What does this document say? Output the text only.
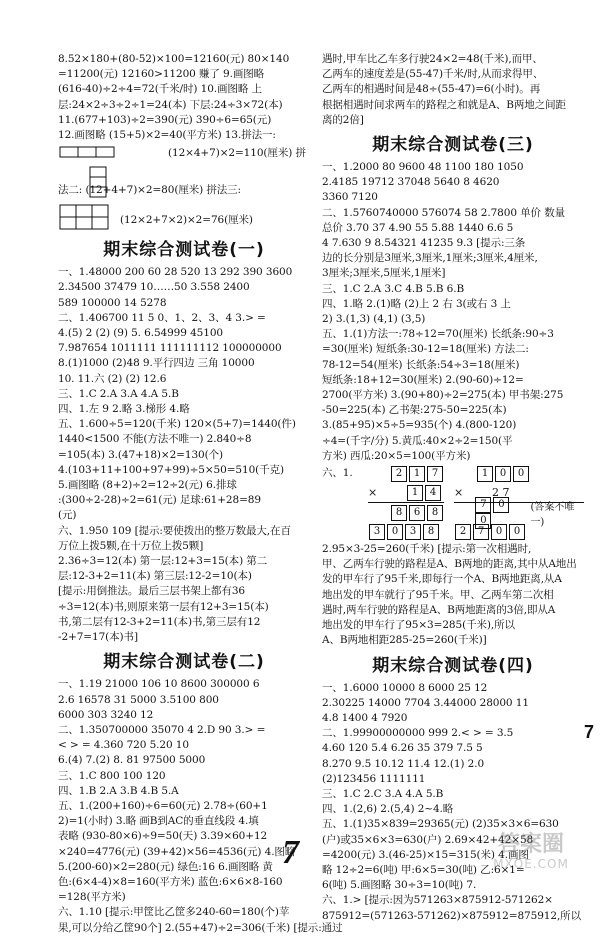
8.52×180+(80-52)×100=12160(元) 80×140
=11200(元) 12160>11200 赚了 9.画图略
(616-40)÷2÷4=72(千米/时) 10.画图略 上
层:24×2÷3÷2÷1=24(本) 下层:24÷3×72(本)
11.(677+103)÷2=390(元) 390÷6=65(元)
12.画图略 (15+5)×2=40(平方米) 13.拼法一:
(12×4+7)×2=110(厘米) 拼
法二: (12+4+7)×2=80(厘米) 拼法三:
(12×2+7×2)×2=76(厘米)
期末综合测试卷(一)
一、1.48000 200 60 28 520 13 292 390 3600
2.34500 37479 10……50 3.558 2400
589 100000 14 5278
二、1.406700 11 5 0、1、2、3、4 3.> =
4.(5) 2 (2) (9) 5. 6.54999 45100
7.987654 1011111 111111112 100000000
8.(1)1000 (2)48 9.平行四边 三角 10000
10. 11.六 (2) (2) 12.6
三、1.C 2.A 3.A 4.A 5.B
四、1.左 9 2.略 3.梯形 4.略
五、1.600÷5=120(千米) 120×(5+7)=1440(件)
1440<1500 不能(方法不唯一) 2.840÷8
=105(本) 3.(47+18)×2=130(个)
4.(103+11+100+97+99)÷5×50=510(千克)
5.画图略 (8+2)÷2=12÷2(元) 6.排球
:(300÷2-28)÷2=61(元) 足球:61+28=89
(元)
六、1.950 109 [提示:要使拨出的整万数最大,在百
万位上拨5颗,在十万位上拨5颗]
2.36÷3=12(本) 第一层:12+3=15(本) 第二
层:12-3+2=11(本) 第三层:12-2=10(本)
[提示:用倒推法。最后三层书架上都有36
÷3=12(本)书,则原来第一层有12+3=15(本)
书,第二层有12-3+2=11(本)书,第三层有12
-2+7=17(本)书]
期末综合测试卷(二)
一、1.19 21000 106 10 8600 300000 6
2.6 16578 31 5000 3.5100 800
6000 303 3240 12
二、1.350700000 35070 4 2.D 90 3.> =
< > = 4.360 720 5.20 10
6.(4) 7.(2) 8. 81 97500 5000
三、1.C 800 100 120
四、1.B 2.A 3.B 4.B 5.A
五、1.(200+160)÷6=60(元) 2.78÷(60+1
2)=1(小时) 3.略 画B到AC的垂直线段 4.填
表略 (930-80×6)÷9=50(天) 3.39×60+12
×240=4776(元) (39+42)×56=4536(元) 4.图略
5.(200-60)×2=280(元) 绿色:16 6.画图略 黄
色:(6×4-4)×8=160(平方米) 蓝色:6×6×8-160
=128(平方米)
六、1.10 [提示:甲筐比乙筐多240-60=180(个)苹
果,可以分给乙筐90个] 2.(55+47)÷2=306(千米) [提示:通过
遇时,甲车比乙车多行驶24×2=48(千米),而甲、
乙两车的速度差是(55-47)千米/时,从而求得甲、
乙两车的相遇时间是48÷(55-47)=6(小时)。再
根据相遇时间求两车的路程之和就是A、B两地之间距
离的2倍]
期末综合测试卷(三)
一、1.2000 80 9600 48 1100 180 1050
2.4185 19712 37048 5640 8 4620
3360 7120
二、1.5760740000 576074 58 2.7800 单价 数量
总价 3.70 37 4.90 55 5.88 1440 6.6 5
4 7.630 9 8.54321 41235 9.3 [提示:三条
边的长分别是3厘米,3厘米,1厘米;3厘米,4厘米,
3厘米;3厘米,5厘米,1厘米]
三、1.C 2.A 3.C 4.B 5.B 6.B
四、1.略 2.(1)略 (2)上 2 右 3(或右 3 上
2) 3.(1,3) (4,1) (3,5)
五、1.(1)方法一:78÷12=70(厘米) 长纸条:90÷3
=30(厘米) 短纸条:30-12=18(厘米) 方法二:
78-12=54(厘米) 长纸条:54÷3=18(厘米)
短纸条:18+12=30(厘米) 2.(90-60)÷12=
2700(平方米) 3.(90+80)÷2=275(本) 甲书架:275
-50=225(本) 乙书架:275-50=225(本)
3.(85+95)×5÷5=935(个) 4.(800-120)
÷4=(千字/分) 5.黄瓜:40×2÷2=150(平
方米) 西瓜:20×5=100(平方米)
六、1.	2 1 7
×	1 4
8 6 8
3 0 3 8
1 0 0
×	2 7
7 00
(答案不唯一)
2 7 0 0
2.95×3-25=260(千米) [提示:第一次相遇时,
甲、乙两车行驶的路程是A、B两地的距离,其中从A地出
发的甲车行了95千米,即每行一个A、B两地距离,从A
地出发的甲车就行了95千米。甲、乙两车第二次相
遇时,两车行驶的路程是A、B两地距离的3倍,即从A
地出发的甲车行了95×3=285(千米),所以
A、B两地相距285-25=260(千米)]
期末综合测试卷(四)
一、1.6000 10000 8 6000 25 12
2.30225 14000 7704 3.44000 28000 11
4.8 1400 4 7920
二、1.99900000000 999 2.< > = 3.5
4.60 120 5.4 6.26 35 379 7.5 5
8.270 9.5 10.12 11.4 12.(1) 2.0
(2)123456 1111111
三、1.C 2.C 3.A 4.A 5.B
四、1.(2,6) 2.(5,4) 2~4.略
五、1.(1)35×839=29365(元) (2)35×3×6=630
(户)或35×6×3=630(户) 2.69×42+42×58
=4200(元) 3.(46-25)×15=315(米) 4.画图
略 12÷2=6(吨) 甲:6×5=30(吨) 乙:6×1=
6(吨) 5.画图略 30÷3=10(吨) 7.
六、1.> [提示:因为571263×875912-571262×
875912=(571263-571262)×875912=875912,所以
7
7	答案圈
MXQE.COM
